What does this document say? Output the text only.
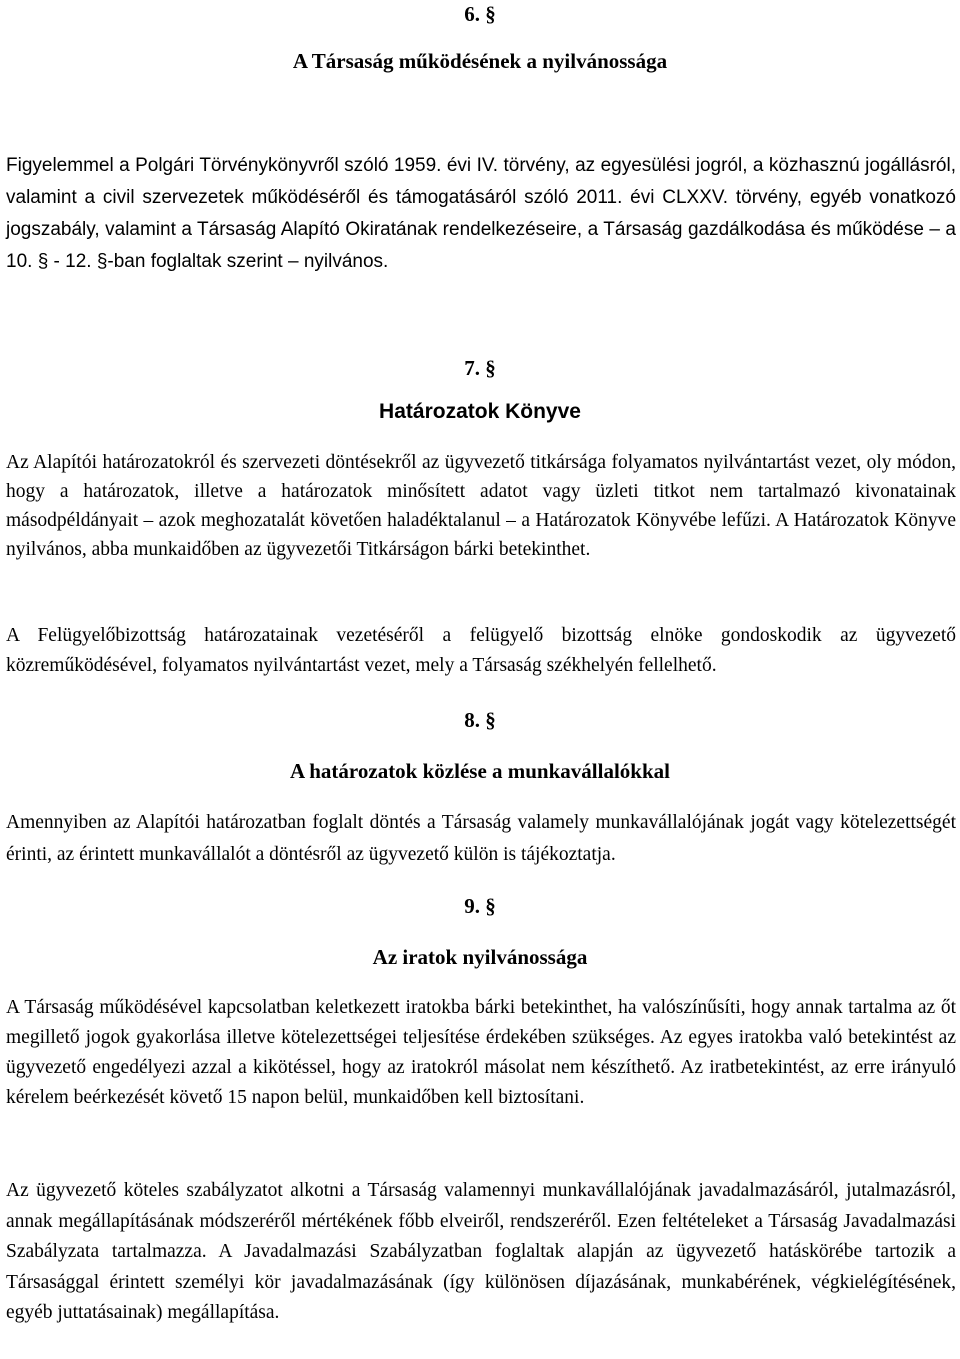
6. §
A Társaság működésének a nyilvánossága
Figyelemmel a Polgári Törvénykönyvről szóló 1959. évi IV. törvény, az egyesülési jogról, a közhasznú jogállásról, valamint a civil szervezetek működéséről és támogatásáról szóló 2011. évi CLXXV. törvény, egyéb vonatkozó jogszabály, valamint a Társaság Alapító Okiratának rendelkezéseire, a Társaság gazdálkodása és működése – a 10. § - 12. §-ban foglaltak szerint – nyilvános.
7. §
Határozatok Könyve
Az Alapítói határozatokról és szervezeti döntésekről az ügyvezető titkársága folyamatos nyilvántartást vezet, oly módon, hogy a határozatok, illetve a határozatok minősített adatot vagy üzleti titkot nem tartalmazó kivonatainak másodpéldányait – azok meghozatalát követően haladéktalanul – a Határozatok Könyvébe lefűzi. A Határozatok Könyve nyilvános, abba munkaidőben az ügyvezetői Titkárságon bárki betekinthet.
A Felügyelőbizottság határozatainak vezetéséről a felügyelő bizottság elnöke gondoskodik az ügyvezető közreműködésével, folyamatos nyilvántartást vezet, mely a Társaság székhelyén fellelhető.
8. §
A határozatok közlése a munkavállalókkal
Amennyiben az Alapítói határozatban foglalt döntés a Társaság valamely munkavállalójának jogát vagy kötelezettségét érinti, az érintett munkavállalót a döntésről az ügyvezető külön is tájékoztatja.
9. §
Az iratok nyilvánossága
A Társaság működésével kapcsolatban keletkezett iratokba bárki betekinthet, ha valószínűsíti, hogy annak tartalma az őt megillető jogok gyakorlása illetve kötelezettségei teljesítése érdekében szükséges. Az egyes iratokba való betekintést az ügyvezető engedélyezi azzal a kikötéssel, hogy az iratokról másolat nem készíthető. Az iratbetekintést, az erre irányuló kérelem beérkezését követő 15 napon belül, munkaidőben kell biztosítani.
Az ügyvezető köteles szabályzatot alkotni a Társaság valamennyi munkavállalójának javadalmazásáról, jutalmazásról, annak megállapításának módszeréről mértékének főbb elveiről, rendszeréről. Ezen feltételeket a Társaság Javadalmazási Szabályzata tartalmazza. A Javadalmazási Szabályzatban foglaltak alapján az ügyvezető hatáskörébe tartozik a Társasággal érintett személyi kör javadalmazásának (így különösen díjazásának, munkabérének, végkielégítésének, egyéb juttatásainak) megállapítása.
